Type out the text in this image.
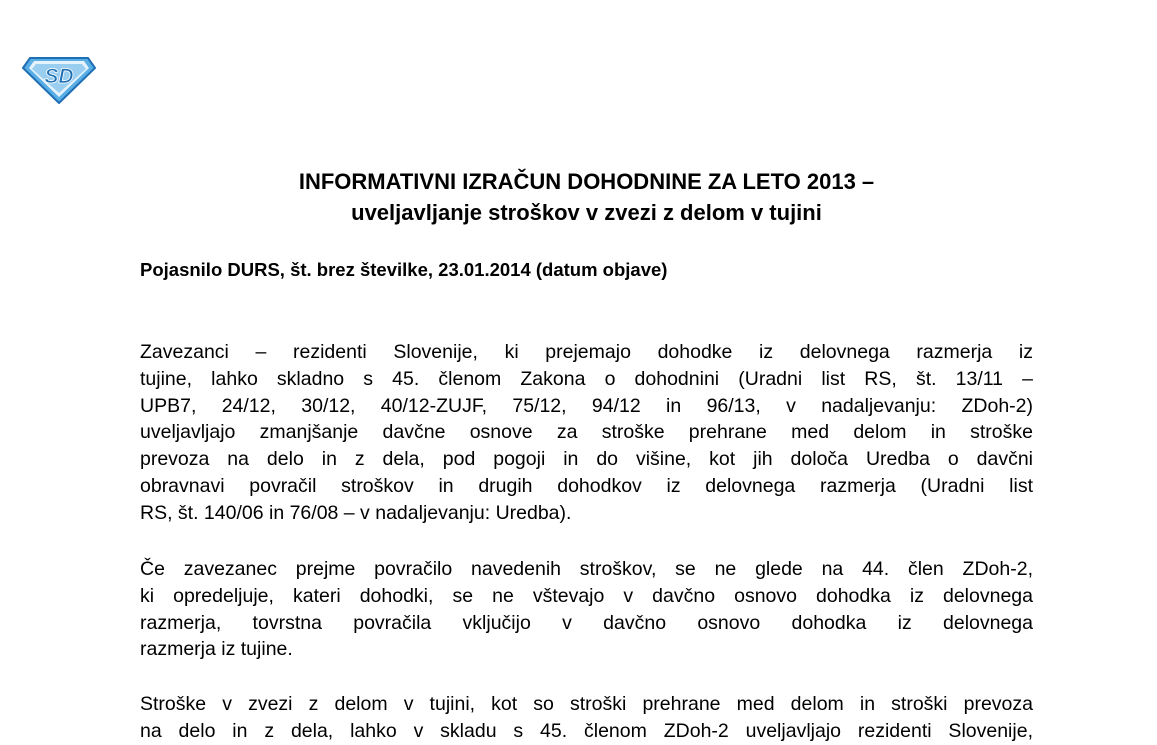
SD
INFORMATIVNI IZRAČUN DOHODNINE ZA LETO 2013 –
uveljavljanje stroškov v zvezi z delom v tujini

Pojasnilo DURS, št. brez številke, 23.01.2014 (datum objave)

Zavezanci – rezidenti Slovenije, ki prejemajo dohodke iz delovnega razmerja iz
tujine, lahko skladno s 45. členom Zakona o dohodnini (Uradni list RS, št. 13/11 –
UPB7, 24/12, 30/12, 40/12-ZUJF, 75/12, 94/12 in 96/13, v nadaljevanju: ZDoh-2)
uveljavljajo zmanjšanje davčne osnove za stroške prehrane med delom in stroške
prevoza na delo in z dela, pod pogoji in do višine, kot jih določa Uredba o davčni
obravnavi povračil stroškov in drugih dohodkov iz delovnega razmerja (Uradni list
RS, št. 140/06 in 76/08 – v nadaljevanju: Uredba).
Če zavezanec prejme povračilo navedenih stroškov, se ne glede na 44. člen ZDoh-2,
ki opredeljuje, kateri dohodki, se ne vštevajo v davčno osnovo dohodka iz delovnega
razmerja, tovrstna povračila vključijo v davčno osnovo dohodka iz delovnega
razmerja iz tujine.
Stroške v zvezi z delom v tujini, kot so stroški prehrane med delom in stroški prevoza
na delo in z dela, lahko v skladu s 45. členom ZDoh-2 uveljavljajo rezidenti Slovenije,
